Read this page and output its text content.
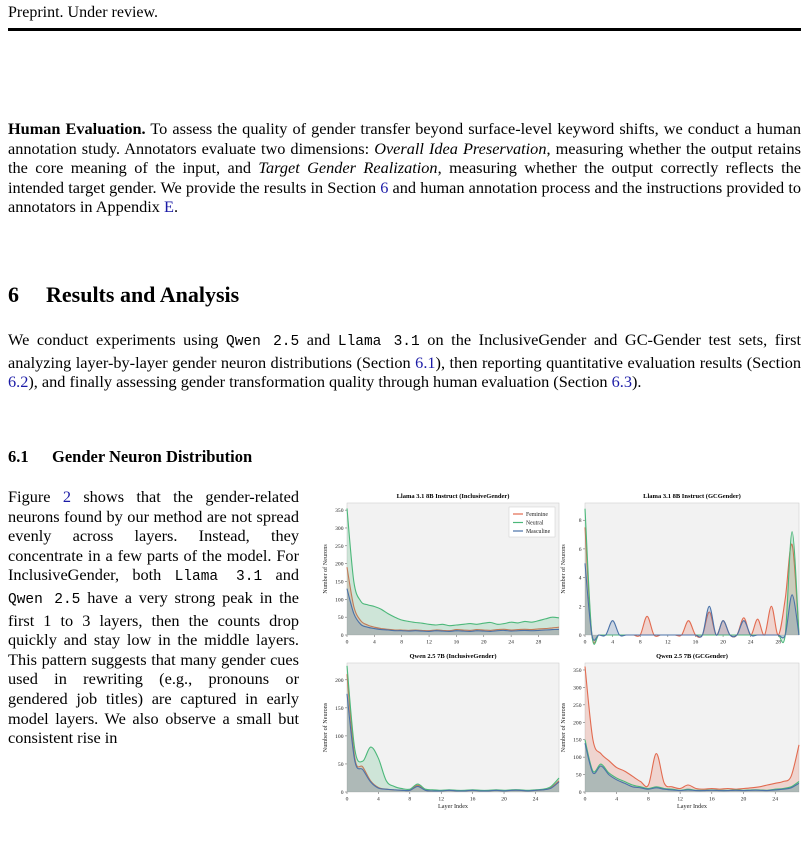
Preprint. Under review.

Human Evaluation. To assess the quality of gender transfer beyond surface-level keyword shifts, we conduct a human annotation study. Annotators evaluate two dimensions: Overall Idea Preservation, measuring whether the output retains the core meaning of the input, and Target Gender Realization, measuring whether the output correctly reflects the intended target gender. We provide the results in Section 6 and human annotation process and the instructions provided to annotators in Appendix E.

6 Results and Analysis

We conduct experiments using Qwen 2.5 and Llama 3.1 on the InclusiveGender and GC-Gender test sets, first analyzing layer-by-layer gender neuron distributions (Section 6.1), then reporting quantitative evaluation results (Section 6.2), and finally assessing gender transformation quality through human evaluation (Section 6.3).

6.1 Gender Neuron Distribution

Figure 2 shows that the gender-related neurons found by our method are not spread evenly across layers. Instead, they concentrate in a few parts of the model. For InclusiveGender, both Llama 3.1 and Qwen 2.5 have a very strong peak in the first 1 to 3 layers, then the counts drop quickly and stay low in the middle layers. This pattern suggests that many gender cues used in rewriting (e.g., pronouns or gendered job titles) are captured in early model layers. We also observe a small but consistent rise in

Llama 3.1 8B Instruct (InclusiveGender)
0
50
100
150
200
250
300
350
0	4	8	12	16	20	24	28
Number of Neurons
Feminine
Neutral
Masculine
Llama 3.1 8B Instruct (GCGender)
0
2
4
6
8
0	4	8	12	16	20	24	28
Number of Neurons
Qwen 2.5 7B (InclusiveGender)
0
50
100
150
200
0	4	8	12	16	20	24
Number of Neurons
Layer Index
Qwen 2.5 7B (GCGender)
0
50
100
150
200
250
300
350
0	4	8	12	16	20	24
Number of Neurons
Layer Index
